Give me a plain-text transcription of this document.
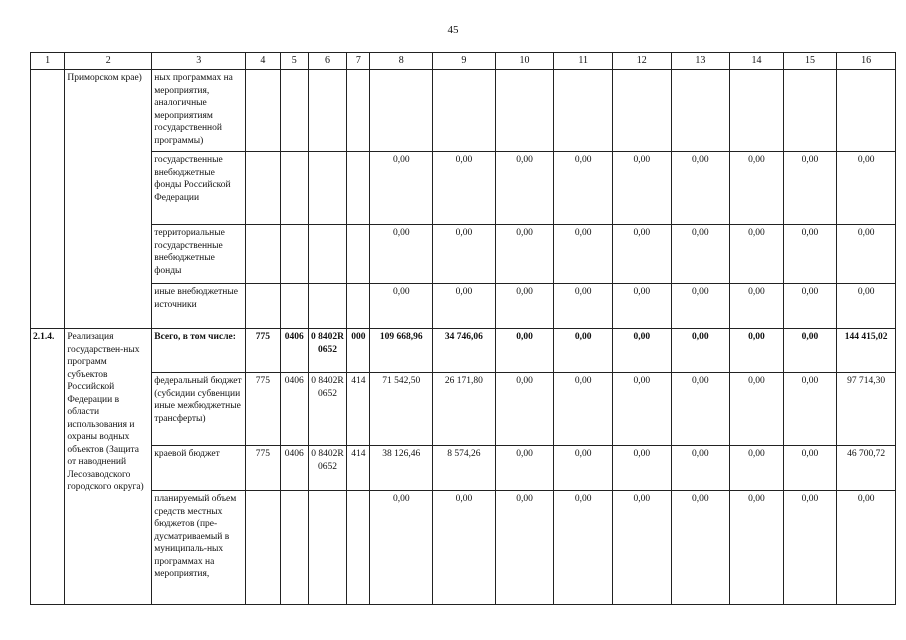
45
1	2	3	4	5	6	7	8	9	10	11	12	13	14	15	16
	Приморском крае)	ных программах на мероприятия, аналогичные мероприятиям государственной программы)													
		государственные внебюджетные фонды Российской Федерации					0,00	0,00	0,00	0,00	0,00	0,00	0,00	0,00	0,00
		территориальные государственные внебюджетные фонды					0,00	0,00	0,00	0,00	0,00	0,00	0,00	0,00	0,00
		иные внебюджетные источники					0,00	0,00	0,00	0,00	0,00	0,00	0,00	0,00	0,00
2.1.4.	Реализация государствен-ных программ субъектов Российской Федерации в области использования и охраны водных объектов (Защита от наводнений Лесозаводского городского округа)	Всего, в том числе:	775	0406	0 8402R 0652	000	109 668,96	34 746,06	0,00	0,00	0,00	0,00	0,00	0,00	144 415,02
		федеральный бюджет (субсидии субвенции иные межбюджетные трансферты)	775	0406	0 8402R 0652	414	71 542,50	26 171,80	0,00	0,00	0,00	0,00	0,00	0,00	97 714,30
		краевой бюджет	775	0406	0 8402R 0652	414	38 126,46	8 574,26	0,00	0,00	0,00	0,00	0,00	0,00	46 700,72
		планируемый объем средств местных бюджетов (пре-дусматриваемый в муниципаль-ных программах на мероприятия,					0,00	0,00	0,00	0,00	0,00	0,00	0,00	0,00	0,00
